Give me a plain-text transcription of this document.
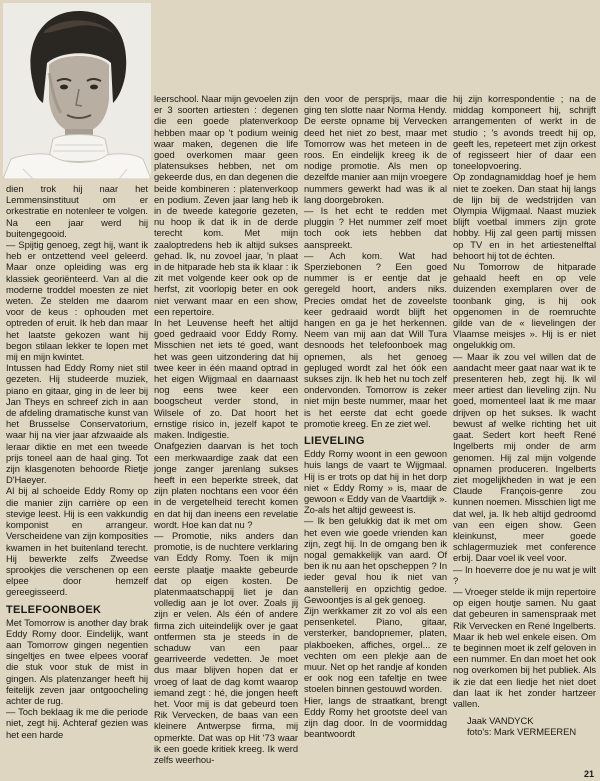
dien trok hij naar het Lemmensinstituut om er orkestratie en notenleer te volgen. Na een jaar werd hij buitengegooid.

— Spijtig genoeg, zegt hij, want ik heb er ontzettend veel geleerd. Maar onze opleiding was erg klassiek georiënteerd. Van al die moderne troddel moesten ze niet weten. Ze stelden me daarom voor de keus : ophouden met optreden of eruit. Ik heb dan maar het laatste gekozen want hij begon stilaan lekker te lopen met mij en mijn kwintet.

Intussen had Eddy Romy niet stil gezeten. Hij studeerde muziek, piano en gitaar, ging in de leer bij Jan Theys en schreef zich in aan de afdeling dramatische kunst van het Brusselse Conservatorium, waar hij na vier jaar afzwaaide als leraar diktie en met een tweede prijs toneel aan de haal ging. Tot zijn klasgenoten behoorde Rietje D'Haeyer.

Al bij al schoeide Eddy Romy op die manier zijn carrière op een stevige leest. Hij is een vakkundig komponist en arrangeur. Verscheidene van zijn komposities kwamen in het buitenland terecht. Hij bewerkte zelfs Zweedse sprookjes die verschenen op een elpee door hemzelf gereegisseerd.

TELEFOONBOEK

Met Tomorrow is another day brak Eddy Romy door. Eindelijk, want aan Tomorrow gingen negentien singeltjes en twee elpees vooraf die stuk voor stuk de mist in gingen. Als platenzanger heeft hij feitelijk zeven jaar ontgoocheling achter de rug.

— Toch beklaag ik me die periode niet, zegt hij. Achteraf gezien was het een harde

leerschool. Naar mijn gevoelen zijn er 3 soorten artiesten : degenen die een goede platenverkoop hebben maar op 't podium weinig waar maken, degenen die life goed overkomen maar geen platensukses hebben, net om gekeerde dus, en dan degenen die beide kombineren : platenverkoop en podium. Zeven jaar lang heb ik in de tweede kategorie gezeten, nu hoop ik dat ik in de derde terecht kom. Met mijn zaaloptredens heb ik altijd sukses gehad. Ik, nu zovoel jaar, 'n plaat in de hitparade heb sta ik klaar : ik zit met volgende keer ook op de herfst, zit voorlopig beter en ook niet verwant maar en een show, een repertoire.

In het Leuvense heeft het altijd goed gedraaid voor Eddy Romy. Misschien net iets té goed, want het was geen uitzondering dat hij twee keer in één maand optrad in het eigen Wijgmaal en daarnaast nog eens twee keer een boogscheut verder stond, in Wilsele of zo. Dat hoort het ernstige risico in, jezelf kapot te maken. Indigestie.

Onafgezien daarvan is het toch een merkwaardige zaak dat een jonge zanger jarenlang sukses heeft in een beperkte streek, dat zijn platen nochtans een voor één in de vergetelheid terecht komen en dat hij dan ineens een revelatie wordt. Hoe kan dat nu ?

— Promotie, niks anders dan promotie, is de nuchtere verklaring van Eddy Romy. Toen ik mijn eerste plaatje maakte gebeurde dat op eigen kosten. De platenmaatschappij liet je dan volledig aan je lot over. Zoals jij zijn er velen. Als één of andere firma zich uiteindelijk over je gaat ontfermen sta je steeds in de schaduw van een paar gearriveerde vedetten. Je moet dus maar blijven hopen dat er vroeg of laat de dag komt waarop iemand zegt : hé, die jongen heeft het. Voor mij is dat gebeurd toen Rik Vervecken, de baas van een kleinere Antwerpse firma, mij opmerkte. Dat was op Hit '73 waar ik een goede kritiek kreeg. Ik werd zelfs weerhou-

den voor de persprijs, maar die ging ten slotte naar Norma Hendy. De eerste opname bij Vervecken deed het niet zo best, maar met Tomorrow was het meteen in de roos. En eindelijk kreeg ik de nodige promotie. Als men op dezelfde manier aan mijn vroegere nummers gewerkt had was ik al lang doorgebroken.

— Is het echt te redden met pluggin ? Het nummer zelf moet toch ook iets hebben dat aanspreekt.

— Ach kom. Wat had Sperziebonen ? Een goed nummer is er eentje dat je geregeld hoort, anders niks. Precies omdat het de zoveelste keer gedraaid wordt blijft het hangen en ga je het herkennen. Neem van mij aan dat Will Tura desnoods het telefoonboek mag opnemen, als het genoeg gepluged wordt zal het óók een sukses zijn. Ik heb het nu toch zelf ondervonden. Tomorrow is zeker niet mijn beste nummer, maar het is het eerste dat echt goede promotie kreeg. En ze ziet wel.

LIEVELING

Eddy Romy woont in een gewoon huis langs de vaart te Wijgmaal. Hij is er trots op dat hij in het dorp niet « Eddy Romy » is, maar de gewoon « Eddy van de Vaartdijk ». Zo-als het altijd geweest is.

— Ik ben gelukkig dat ik met om het even wie goede vrienden kan zijn, zegt hij. In de omgang ben ik nogal gemakkelijk van aard. Of ben ik nu aan het opscheppen ? In ieder geval hou ik niet van aanstellerij en opzichtig gedoe. Gewoontjes is al gek genoeg.

Zijn werkkamer zit zo vol als een pensenketel. Piano, gitaar, versterker, bandopnemer, platen, plakboeken, affiches, orgel... ze vechten om een plekje aan de muur. Net op het randje af konden er ook nog een tafeltje en twee stoelen binnen gestouwd worden.

Hier, langs de straatkant, brengt Eddy Romy het grootste deel van zijn dag door. In de voormiddag beantwoordt

hij zijn korrespondentie ; na de middag komponeert hij, schrijft arrangementen of werkt in de studio ; 's avonds treedt hij op, geeft les, repeteert met zijn orkest of regisseert hier of daar een toneelopvoering.

Op zondagnamiddag hoef je hem niet te zoeken. Dan staat hij langs de lijn bij de wedstrijden van Olympia Wijgmaal. Naast muziek blijft voetbal immers zijn grote hobby. Hij zal geen partij missen op TV en in het artiestenelftal behoort hij tot de échten.

Nu Tomorrow de hitparade gehaald heeft en op vele duizenden exemplaren over de toonbank ging, is hij ook opgenomen in de roemruchte gilde van de « lievelingen der Vlaamse meisjes ». Hij is er niet ongelukkig om.

— Maar ik zou vel willen dat de aandacht meer gaat naar wat ik te presenteren heb, zegt hij. Ik wil meer artiest dan lieveling zijn. Nu goed, momenteel laat ik me maar drijven op het sukses. Ik wacht bewust af welke richting het uit gaat. Sedert kort heeft René Ingelberts mij onder de arm genomen. Hij zal mijn volgende opnamen produceren. Ingelberts ziet mogelijkheden in wat je een Claude François-genre zou kunnen noemen. Misschien ligt me dat wel, ja. Ik heb altijd gedroomd van een eigen show. Geen kleinkunst, meer goede schlagermuziek met conference erbij. Daar voel ik veel voor.

— In hoeverre doe je nu wat je wilt ?

— Vroeger stelde ik mijn repertoire op eigen houtje samen. Nu gaat dat gebeuren in samenspraak met Rik Vervecken en René Ingelberts. Maar ik heb wel enkele eisen. Om te beginnen moet ik zelf geloven in een nummer. En dan moet het ook nog overkomen bij het publiek. Als ik zie dat een liedje het niet doet dan laat ik het zonder hartzeer vallen.

Jaak VANDYCK
foto's: Mark VERMEEREN
21
